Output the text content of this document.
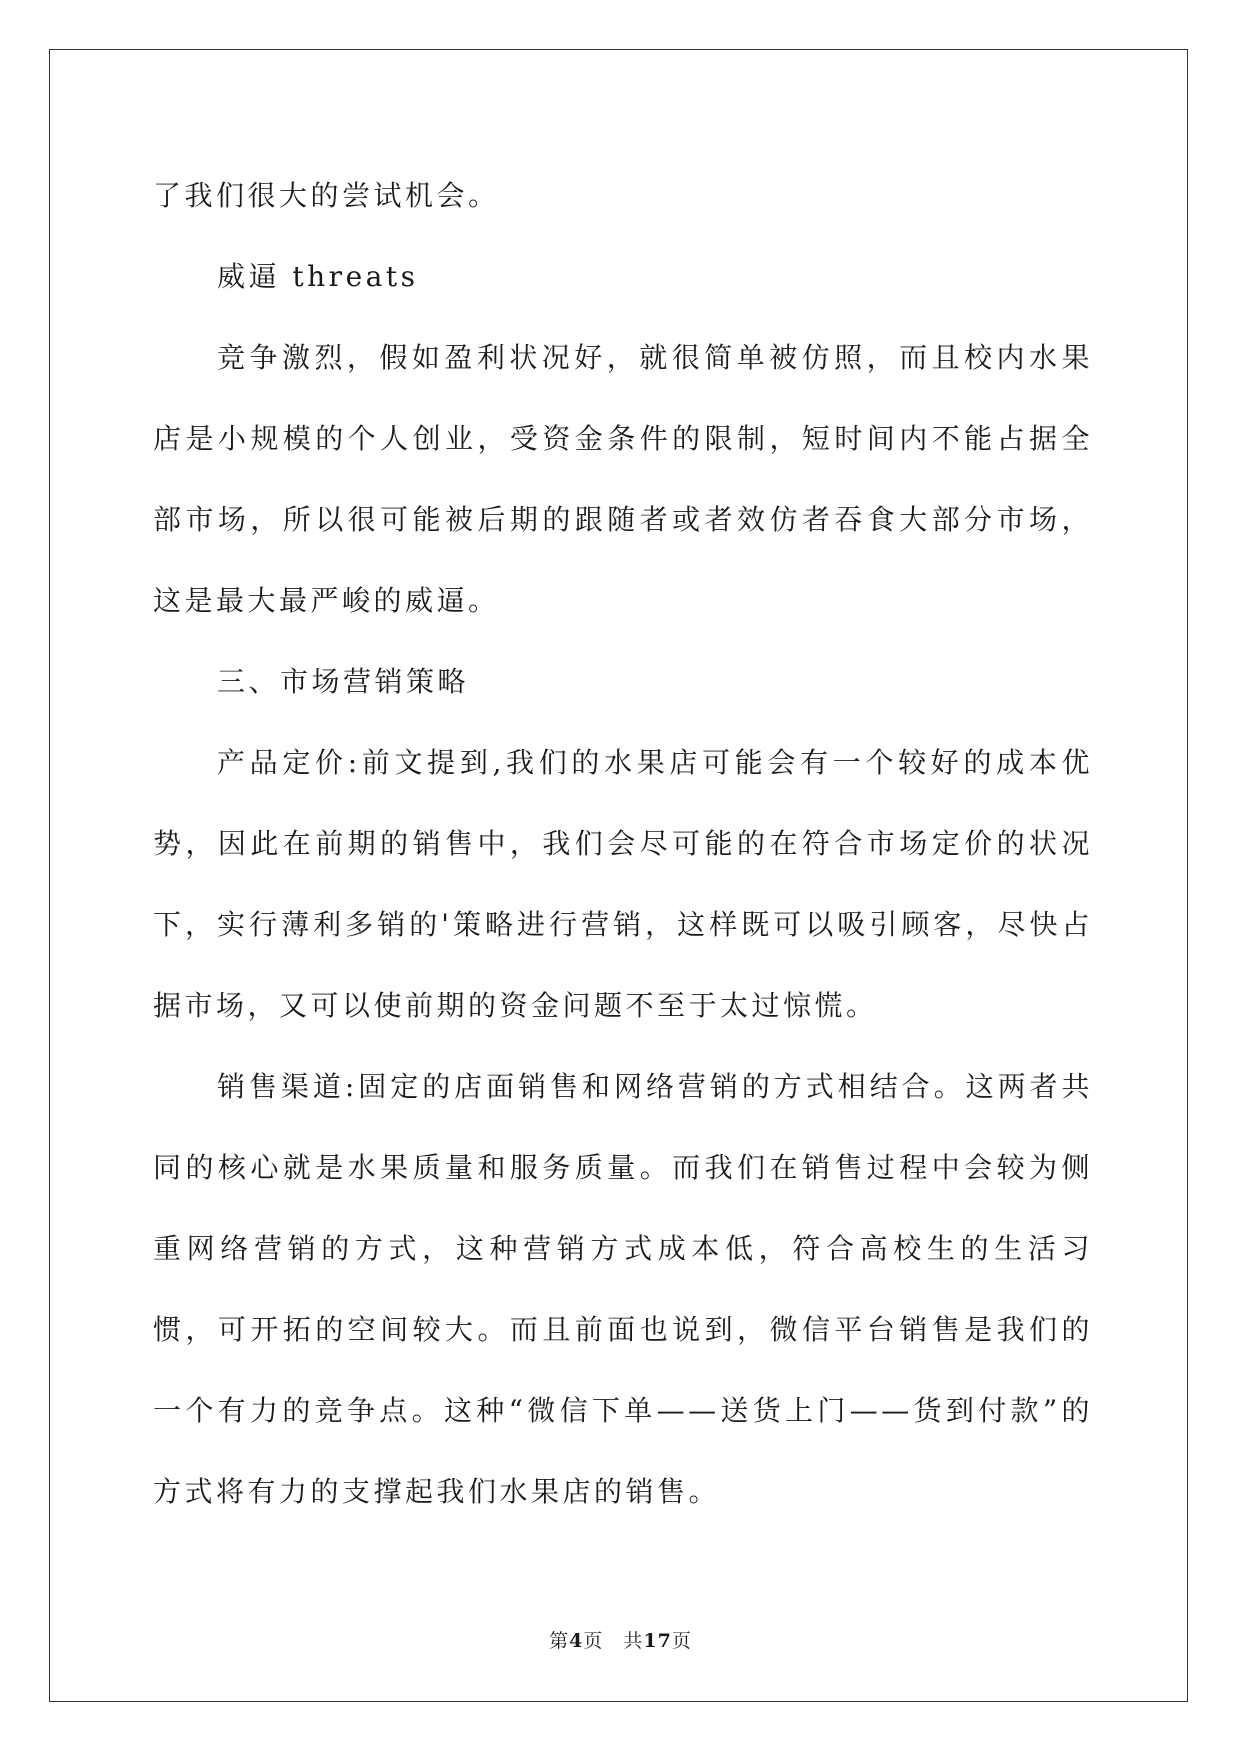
了我们很大的尝试机会。

威逼 threats

竞争激烈，假如盈利状况好，就很简单被仿照，而且校内水果店是小规模的个人创业，受资金条件的限制，短时间内不能占据全部市场，所以很可能被后期的跟随者或者效仿者吞食大部分市场，这是最大最严峻的威逼。

三、市场营销策略

产品定价:前文提到,我们的水果店可能会有一个较好的成本优势，因此在前期的销售中，我们会尽可能的在符合市场定价的状况下，实行薄利多销的'策略进行营销，这样既可以吸引顾客，尽快占据市场，又可以使前期的资金问题不至于太过惊慌。

销售渠道:固定的店面销售和网络营销的方式相结合。这两者共同的核心就是水果质量和服务质量。而我们在销售过程中会较为侧重网络营销的方式，这种营销方式成本低，符合高校生的生活习惯，可开拓的空间较大。而且前面也说到，微信平台销售是我们的一个有力的竞争点。这种“微信下单——送货上门——货到付款”的方式将有力的支撑起我们水果店的销售。

第4页 共17页
